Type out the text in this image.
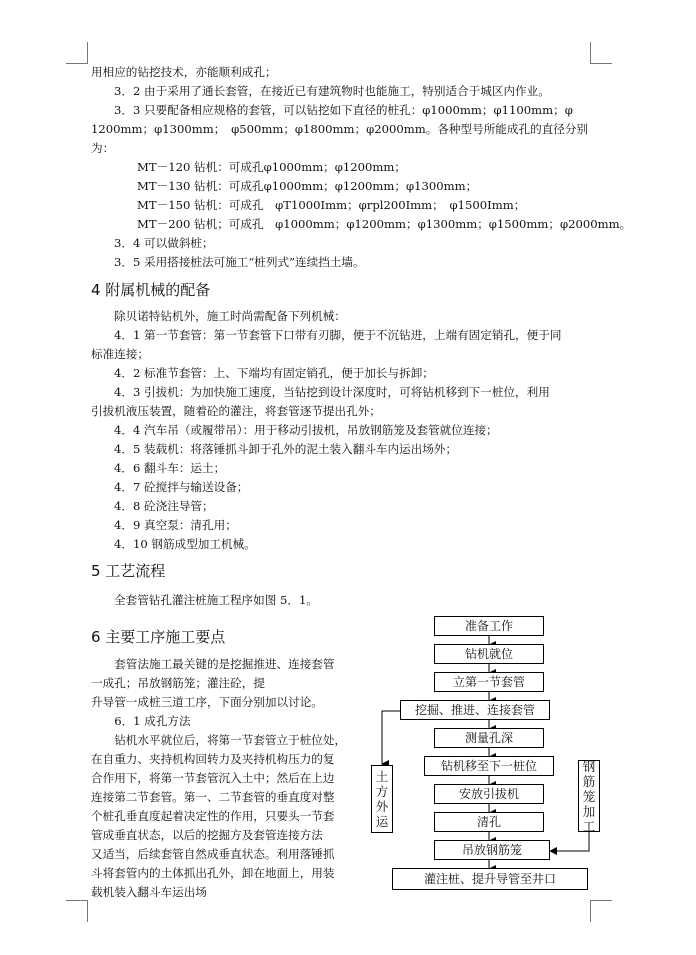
用相应的钻挖技术，亦能顺利成孔；
3．2 由于采用了通长套管，在接近已有建筑物时也能施工，特别适合于城区内作业。
3．3 只要配备相应规格的套管，可以钻挖如下直径的桩孔：φ1000mm；φ1100mm；φ
1200mm；φ1300mm；　φ500mm；φ1800mm；φ2000mm。各种型号所能成孔的直径分别
为：
MT－120 钻机：可成孔φ1000mm；φ1200mm；
MT－130 钻机：可成孔φ1000mm；φ1200mm；φ1300mm；
MT－150 钻机：可成孔　φT1000Imm；φrpl200Imm；　φ1500Imm；
MT－200 钻机；可成孔　φ1000mm；φ1200mm；φ1300mm；φ1500mm；φ2000mm。
3．4 可以做斜桩；
3．5 采用搭接桩法可施工“桩列式”连续挡土墙。
4 附属机械的配备
除贝诺特钻机外，施工时尚需配备下列机械：
4．1 第一节套管：第一节套管下口带有刃脚，便于不沉钻进，上端有固定销孔，便于同
标准连接；
4．2 标准节套管：上、下端均有固定销孔，便于加长与拆卸；
4．3 引拔机：为加快施工速度，当钻挖到设计深度时，可将钻机移到下一桩位，利用
引拔机液压装置，随着砼的灌注，将套管逐节提出孔外；
4．4 汽车吊（或履带吊）：用于移动引拔机，吊放钢筋笼及套管就位连接；
4．5 装载机：将落锤抓斗卸于孔外的泥土装入翻斗车内运出场外；
4．6 翻斗车：运土；
4．7 砼搅拌与输送设备；
4．8 砼浇注导管；
4．9 真空泵：清孔用；
4．10 钢筋成型加工机械。
5 工艺流程
全套管钻孔灌注桩施工程序如图 5．1。
6 主要工序施工要点
　　套管法施工最关键的是挖掘推进、连接套管
一成孔；吊放钢筋笼；灌注砼，提
升导管一成桩三道工序，下面分别加以讨论。
　　6．1 成孔方法
　　钻机水平就位后，将第一节套管立于桩位处，
在自重力、夹持机构回转力及夹持机构压力的复
合作用下，将第一节套管沉入土中；然后在上边
连接第二节套管。第一、二节套管的垂直度对整
个桩孔垂直度起着决定性的作用，只要头一节套
管成垂直状态，以后的挖掘方及套管连接方法
又适当，后续套管自然成垂直状态。利用落锤抓
斗将套管内的土体抓出孔外，卸在地面上，用装
载机装入翻斗车运出场
准备工作
钻机就位
立第一节套管
挖掘、推进、连接套管
测量孔深
钻机移至下一桩位
安放引拔机
清孔
吊放钢筋笼
灌注桩、提升导管至井口
土
方
外
运
钢
筋
笼
加
工
